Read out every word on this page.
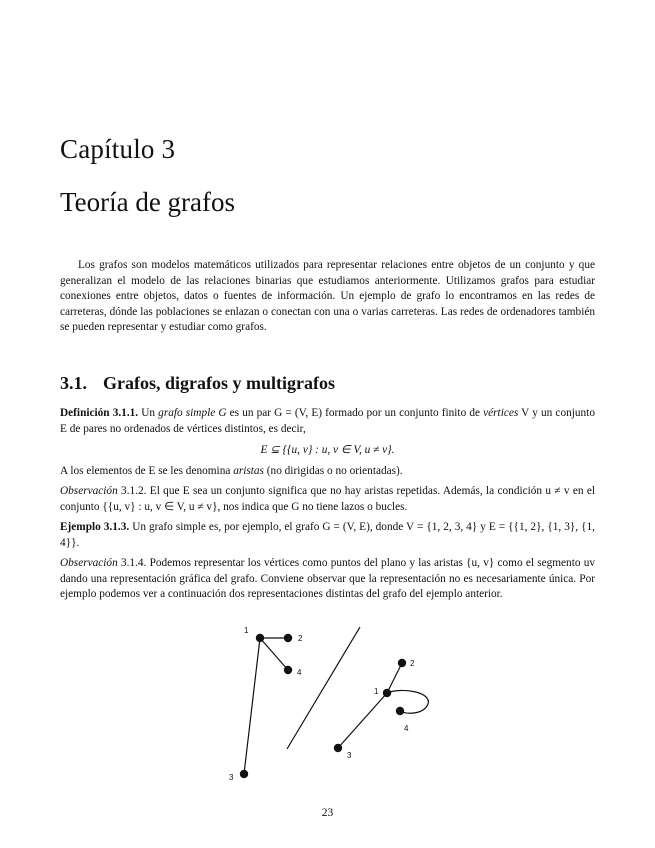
Capítulo 3
Teoría de grafos

Los grafos son modelos matemáticos utilizados para representar relaciones entre objetos de un conjunto y que generalizan el modelo de las relaciones binarias que estudiamos anteriormente. Utilizamos grafos para estudiar conexiones entre objetos, datos o fuentes de información. Un ejemplo de grafo lo encontramos en las redes de carreteras, dónde las poblaciones se enlazan o conectan con una o varias carreteras. Las redes de ordenadores también se pueden representar y estudiar como grafos.

3.1. Grafos, digrafos y multigrafos

Definición 3.1.1. Un grafo simple G es un par G = (V, E) formado por un conjunto finito de vértices V y un conjunto E de pares no ordenados de vértices distintos, es decir,

E ⊆ {{u, v} : u, v ∈ V, u ≠ v}.

A los elementos de E se les denomina aristas (no dirigidas o no orientadas).

Observación 3.1.2. El que E sea un conjunto significa que no hay aristas repetidas. Además, la condición u ≠ v en el conjunto {{u, v} : u, v ∈ V, u ≠ v}, nos indica que G no tiene lazos o bucles.

Ejemplo 3.1.3. Un grafo simple es, por ejemplo, el grafo G = (V, E), donde V = {1, 2, 3, 4} y E = {{1, 2}, {1, 3}, {1, 4}}.

Observación 3.1.4. Podemos representar los vértices como puntos del plano y las aristas {u, v} como el segmento uv dando una representación gráfica del grafo. Conviene observar que la representación no es necesariamente única. Por ejemplo podemos ver a continuación dos representaciones distintas del grafo del ejemplo anterior.

1
2
4
3
2
1
4
3
23
